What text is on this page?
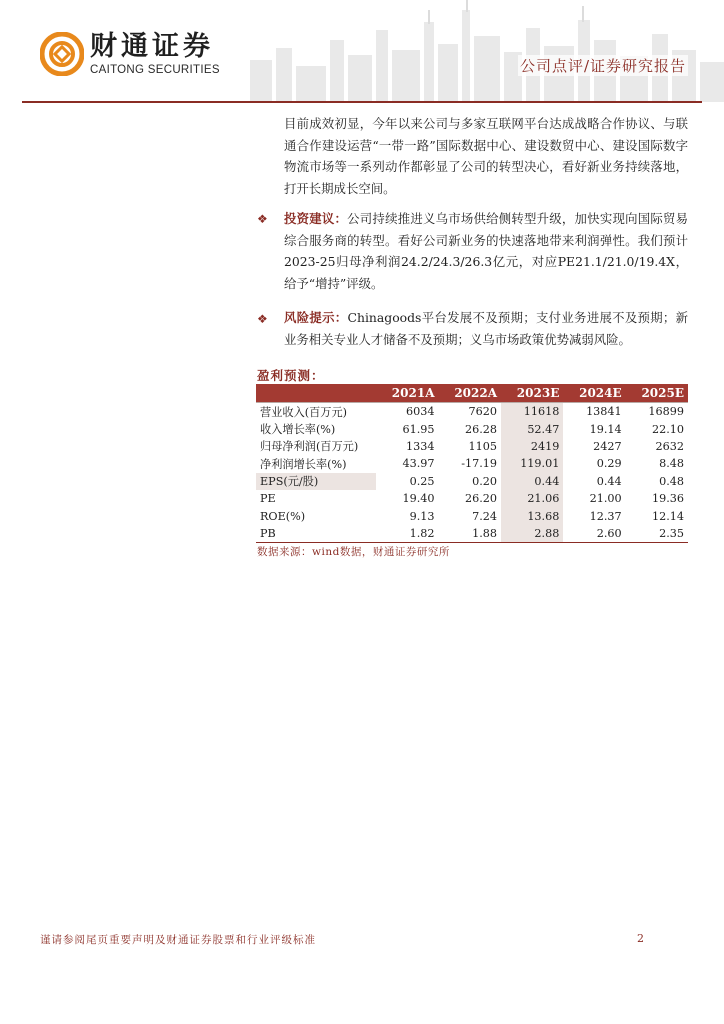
财通证券
CAITONG SECURITIES	公司点评/证券研究报告
目前成效初显，今年以来公司与多家互联网平台达成战略合作协议、与联通合作建设运营“一带一路”国际数据中心、建设数贸中心、建设国际数字物流市场等一系列动作都彰显了公司的转型决心，看好新业务持续落地，打开长期成长空间。
❖ 投资建议：公司持续推进义乌市场供给侧转型升级，加快实现向国际贸易综合服务商的转型。看好公司新业务的快速落地带来利润弹性。我们预计2023-25归母净利润24.2/24.3/26.3亿元，对应PE21.1/21.0/19.4X，给予“增持”评级。
❖ 风险提示：Chinagoods平台发展不及预期；支付业务进展不及预期；新业务相关专业人才储备不及预期；义乌市场政策优势减弱风险。
盈利预测：
	2021A	2022A	2023E	2024E	2025E
营业收入(百万元)	6034	7620	11618	13841	16899
收入增长率(%)	61.95	26.28	52.47	19.14	22.10
归母净利润(百万元)	1334	1105	2419	2427	2632
净利润增长率(%)	43.97	-17.19	119.01	0.29	8.48
EPS(元/股)	0.25	0.20	0.44	0.44	0.48
PE	19.40	26.20	21.06	21.00	19.36
ROE(%)	9.13	7.24	13.68	12.37	12.14
PB	1.82	1.88	2.88	2.60	2.35
数据来源：wind数据，财通证券研究所
谨请参阅尾页重要声明及财通证券股票和行业评级标准	2
